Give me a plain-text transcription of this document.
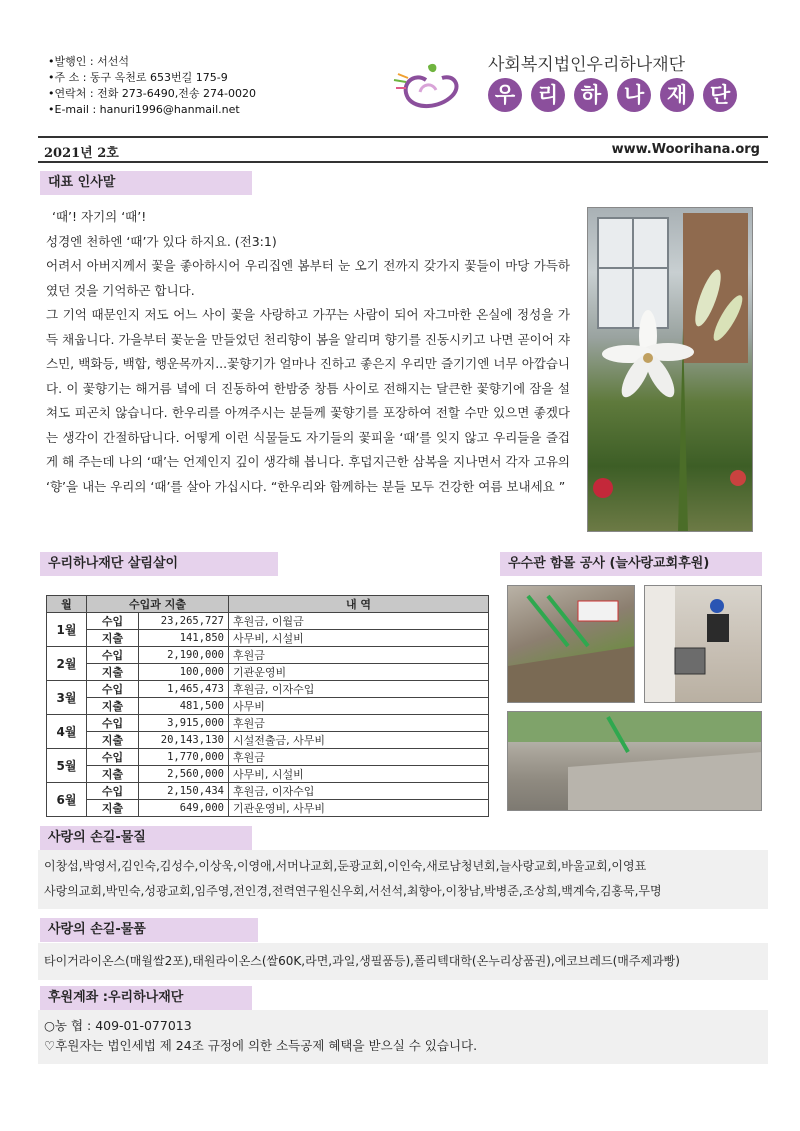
•발행인 : 서선석
•주 소 : 동구 옥천로 653번길 175-9
•연락처 : 전화 273-6490,전송 274-0020
•E-mail : hanuri1996@hanmail.net
사회복지법인우리하나재단
우	리	하	나	재	단
2021년 2호	www.Woorihana.org
대표 인사말

‘때’! 자기의 ‘때’!

성경엔 천하엔 ‘때’가 있다 하지요. (전3:1)

어려서 아버지께서 꽃을 좋아하시어 우리집엔 봄부터 눈 오기 전까지 갖가지 꽃들이 마당 가득하였던 것을 기억하곤 합니다.

그 기억 때문인지 저도 어느 사이 꽃을 사랑하고 가꾸는 사람이 되어 자그마한 온실에 정성을 가득 채웁니다. 가을부터 꽃눈을 만들었던 천리향이 봄을 알리며 향기를 진동시키고 나면 곧이어 쟈스민, 백화등, 백합, 행운목까지...꽃향기가 얼마나 진하고 좋은지 우리만 즐기기엔 너무 아깝습니다. 이 꽃향기는 해거름 녘에 더 진동하여 한밤중 창틈 사이로 전해지는 달큰한 꽃향기에 잠을 설쳐도 피곤치 않습니다. 한우리를 아껴주시는 분들께 꽃향기를 포장하여 전할 수만 있으면 좋겠다는 생각이 간절하답니다. 어떻게 이런 식물들도 자기들의 꽃피울 ‘때’를 잊지 않고 우리들을 즐겁게 해 주는데 나의 ‘때’는 언제인지 깊이 생각해 봅니다. 후덥지근한 삼복을 지나면서 각자 고유의 ‘향’을 내는 우리의 ‘때’를 살아 가십시다. “한우리와 함께하는 분들 모두 건강한 여름 보내세요 ”

우리하나재단 살림살이
월	수입과 지출		내 역
1월	수입	23,265,727	후원금, 이월금
	지출	141,850	사무비, 시설비
2월	수입	2,190,000	후원금
	지출	100,000	기관운영비
3월	수입	1,465,473	후원금, 이자수입
	지출	481,500	사무비
4월	수입	3,915,000	후원금
	지출	20,143,130	시설전출금, 사무비
5월	수입	1,770,000	후원금
	지출	2,560,000	사무비, 시설비
6월	수입	2,150,434	후원금, 이자수입
	지출	649,000	기관운영비, 사무비
우수관 함몰 공사 (늘사랑교회후원)
사랑의 손길-물질
이창섭,박영서,김인숙,김성수,이상욱,이영애,서머나교회,둔광교회,이인숙,새로남청년회,늘사랑교회,바울교회,이영표
사랑의교회,박민숙,성광교회,임주영,전인경,전력연구원신우회,서선석,최향아,이창남,박병준,조상희,백계숙,김홍묵,무명
사랑의 손길-물품
타이거라이온스(매월쌀2포),태원라이온스(쌀60K,라면,과일,생필품등),폴리텍대학(온누리상품권),에코브레드(매주제과빵)
후원계좌 :우리하나재단
○농 협 : 409-01-077013
♡후원자는 법인세법 제 24조 규정에 의한 소득공제 혜택을 받으실 수 있습니다.
